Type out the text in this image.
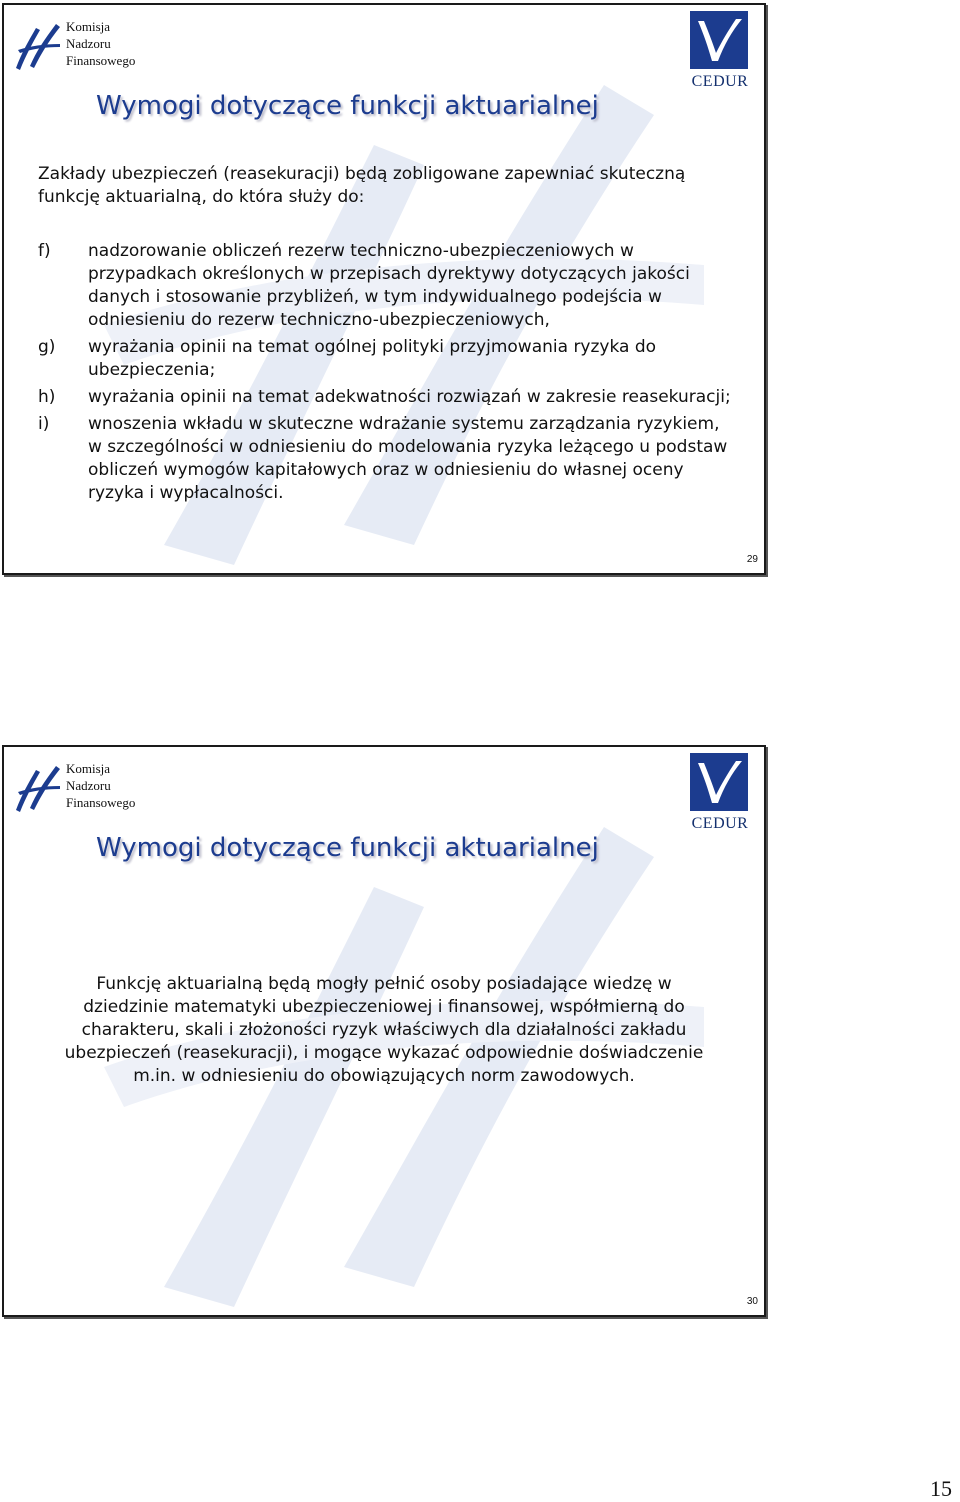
Komisja
Nadzoru
Finansowego
CEDUR
Wymogi dotyczące funkcji aktuarialnej
Zakłady ubezpieczeń (reasekuracji) będą zobligowane zapewniać skuteczną funkcję aktuarialną, do która służy do:
f)	nadzorowanie obliczeń rezerw techniczno-ubezpieczeniowych w przypadkach określonych w przepisach dyrektywy dotyczących jakości danych i stosowanie przybliżeń, w tym indywidualnego podejścia w odniesieniu do rezerw techniczno-ubezpieczeniowych,
g)	wyrażania opinii na temat ogólnej polityki przyjmowania ryzyka do ubezpieczenia;
h)	wyrażania opinii na temat adekwatności rozwiązań w zakresie reasekuracji;
i)	wnoszenia wkładu w skuteczne wdrażanie systemu zarządzania ryzykiem, w szczególności w odniesieniu do modelowania ryzyka leżącego u podstaw obliczeń wymogów kapitałowych oraz w odniesieniu do własnej oceny ryzyka i wypłacalności.
29
Komisja
Nadzoru
Finansowego
CEDUR
Wymogi dotyczące funkcji aktuarialnej
Funkcję aktuarialną będą mogły pełnić osoby posiadające wiedzę w dziedzinie matematyki ubezpieczeniowej i finansowej, współmierną do charakteru, skali i złożoności ryzyk właściwych dla działalności zakładu ubezpieczeń (reasekuracji), i mogące wykazać odpowiednie doświadczenie m.in. w odniesieniu do obowiązujących norm zawodowych.
30
15
